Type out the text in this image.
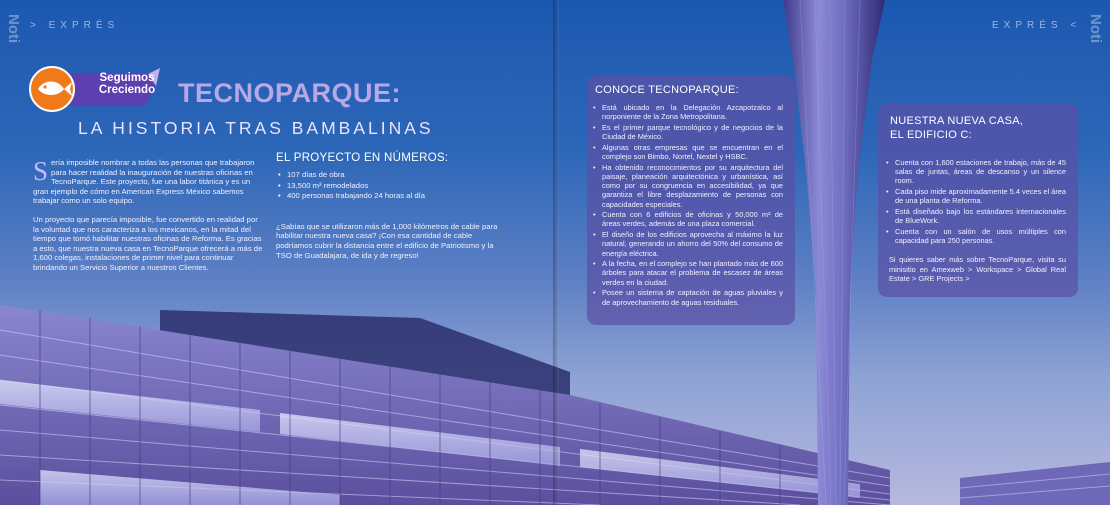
Noti > EXPRÉS	EXPRÉS <
Seguimos
Creciendo TECNOPARQUE:
LA HISTORIA TRAS BAMBALINAS

Sería imposible nombrar a todas las personas que trabajaron para hacer realidad la inauguración de nuestras oficinas en TecnoParque. Este proyecto, fue una labor titánica y es un gran ejemplo de cómo en American Express México sabemos trabajar como un solo equipo.

Un proyecto que parecía imposible, fue convertido en realidad por la voluntad que nos caracteriza a los mexicanos, en la mitad del tiempo que tomó habilitar nuestras oficinas de Reforma. Es gracias a esto, que nuestra nueva casa en TecnoParque ofrecerá a más de 1,600 colegas, instalaciones de primer nivel para continuar brindando un Servicio Superior a nuestros Clientes.

EL PROYECTO EN NÚMEROS:
• 107 días de obra
• 13,500 m² remodelados
• 400 personas trabajando 24 horas al día

¿Sabías que se utilizaron más de 1,000 kilómetros de cable para habilitar nuestra nueva casa? ¡Con esa cantidad de cable podríamos cubrir la distancia entre el edificio de Patriotismo y la TSO de Guadalajara, de ida y de regreso!

CONOCE TECNOPARQUE:
• Está ubicado en la Delegación Azcapotzalco al norponiente de la Zona Metropolitana.
• Es el primer parque tecnológico y de negocios de la Ciudad de México.
• Algunas otras empresas que se encuentran en el complejo son Bimbo, Nortel, Nextel y HSBC.
• Ha obtenido reconocimientos por su arquitectura del paisaje, planeación arquitectónica y urbanística, así como por su congruencia en accesibilidad, ya que garantiza el libre desplazamiento de personas con capacidades especiales.
• Cuenta con 6 edificios de oficinas y 50,000 m² de áreas verdes, además de una plaza comercial.
• El diseño de los edificios aprovecha al máximo la luz natural, generando un ahorro del 50% del consumo de energía eléctrica.
• A la fecha, en el complejo se han plantado más de 600 árboles para atacar el problema de escasez de áreas verdes en la ciudad.
• Posee un sistema de captación de aguas pluviales y de aprovechamiento de aguas residuales.
NUESTRA NUEVA CASA,
EL EDIFICIO C:
• Cuenta con 1,600 estaciones de trabajo, más de 45 salas de juntas, áreas de descanso y un silence room.
• Cada piso mide aproximadamente 5.4 veces el área de una planta de Reforma.
• Está diseñado bajo los estándares internacionales de BlueWork.
• Cuenta con un salón de usos múltiples con capacidad para 250 personas.
Si quieres saber más sobre TecnoParque, visita su minisitio en Amexweb > Workspace > Global Real Estate > GRE Projects >
